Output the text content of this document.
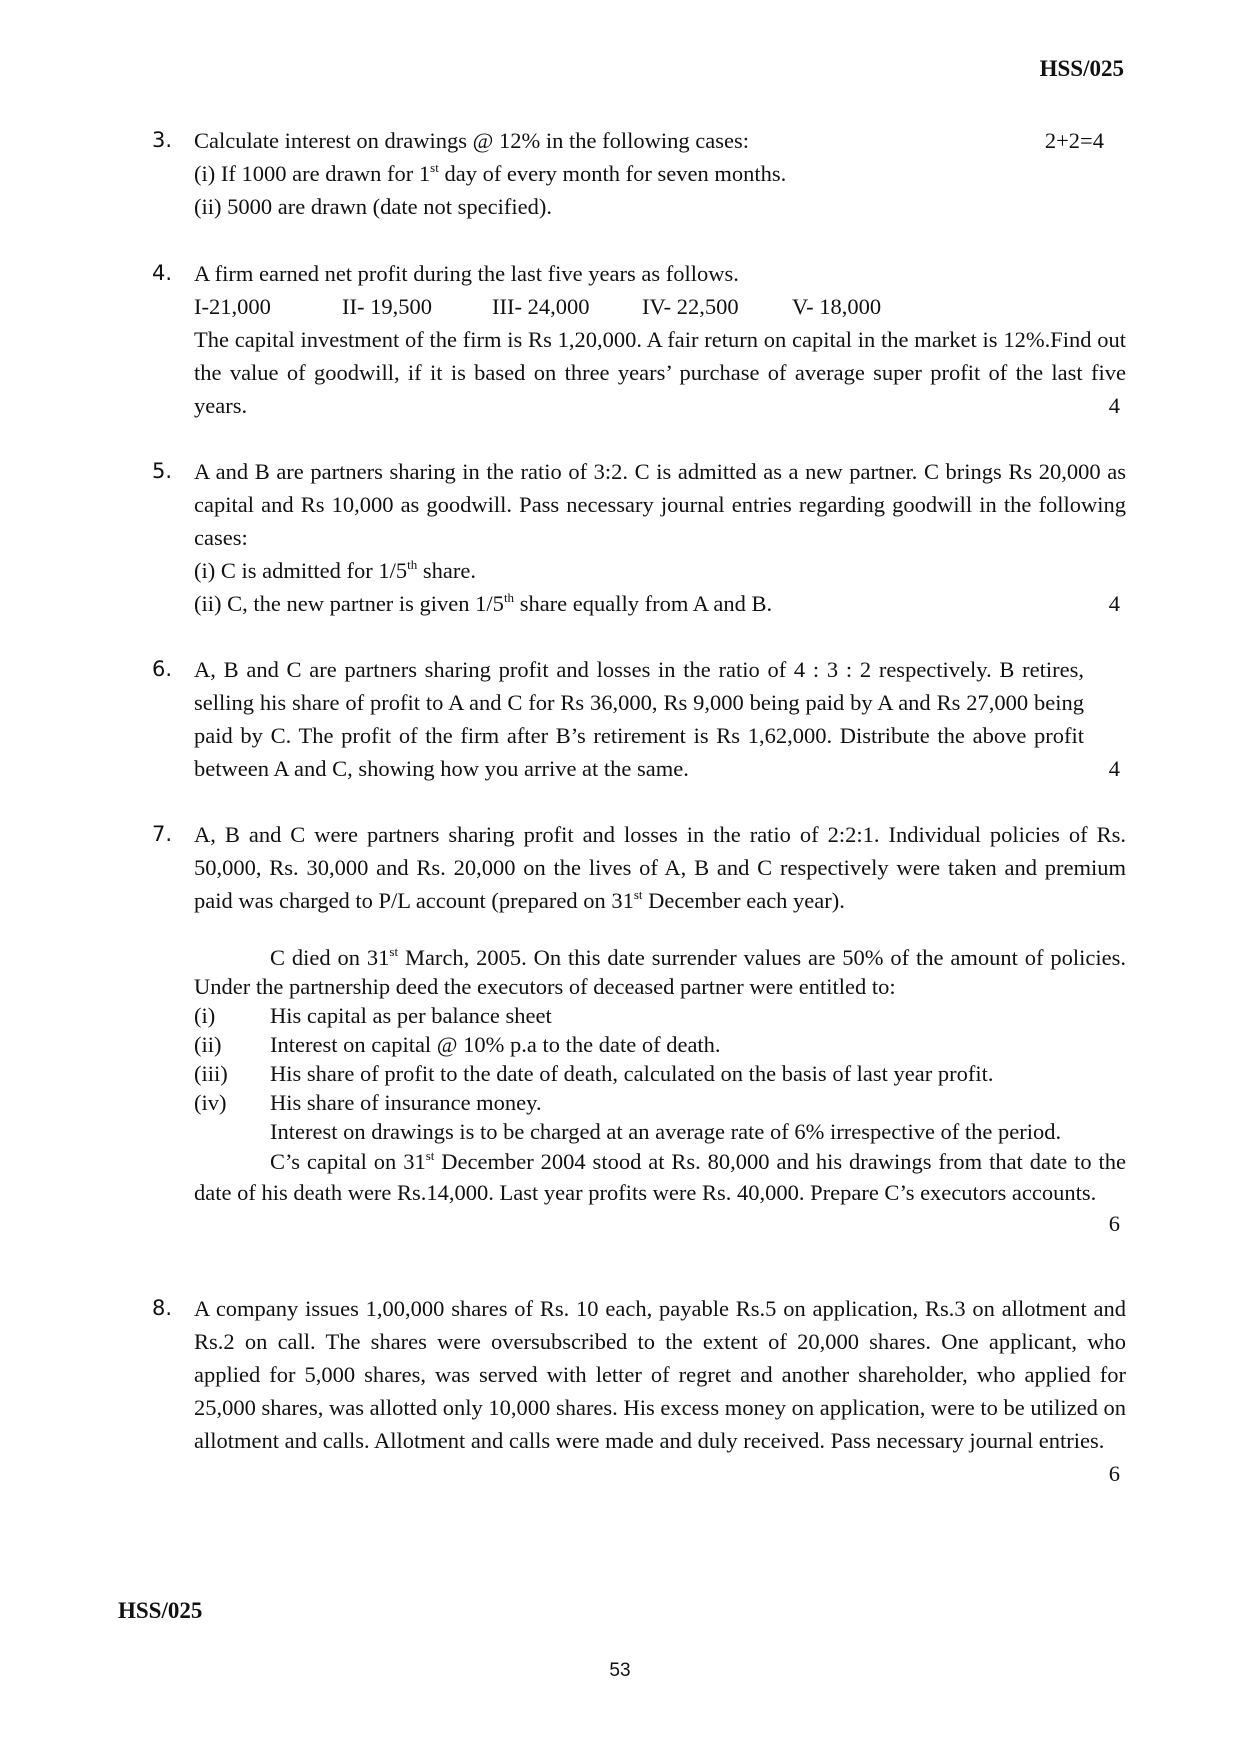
HSS/025
3. Calculate interest on drawings @ 12% in the following cases:	2+2=4
(i) If 1000 are drawn for 1st day of every month for seven months.
(ii) 5000 are drawn (date not specified).
4. A firm earned net profit during the last five years as follows.
I-21,000	II- 19,500	III- 24,000 IV- 22,500 V- 18,000
The capital investment of the firm is Rs 1,20,000. A fair return on capital in the market is 12%.Find out the value of goodwill, if it is based on three years’ purchase of average super profit of the last five years.	4
5. A and B are partners sharing in the ratio of 3:2. C is admitted as a new partner. C brings Rs 20,000 as capital and Rs 10,000 as goodwill. Pass necessary journal entries regarding goodwill in the following cases:
(i) C is admitted for 1/5th share.
(ii) C, the new partner is given 1/5th share equally from A and B.	4
6. A, B and C are partners sharing profit and losses in the ratio of 4 : 3 : 2 respectively. B retires, selling his share of profit to A and C for Rs 36,000, Rs 9,000 being paid by A and Rs 27,000 being paid by C. The profit of the firm after B’s retirement is Rs 1,62,000. Distribute the above profit between A and C, showing how you arrive at the same.	4
7. A, B and C were partners sharing profit and losses in the ratio of 2:2:1. Individual policies of Rs. 50,000, Rs. 30,000 and Rs. 20,000 on the lives of A, B and C respectively were taken and premium paid was charged to P/L account (prepared on 31st December each year).
C died on 31st March, 2005. On this date surrender values are 50% of the amount of policies. Under the partnership deed the executors of deceased partner were entitled to:
(i) His capital as per balance sheet
(ii) Interest on capital @ 10% p.a to the date of death.
(iii) His share of profit to the date of death, calculated on the basis of last year profit.
(iv) His share of insurance money.
Interest on drawings is to be charged at an average rate of 6% irrespective of the period.
C’s capital on 31st December 2004 stood at Rs. 80,000 and his drawings from that date to the date of his death were Rs.14,000. Last year profits were Rs. 40,000. Prepare C’s executors accounts.
6
8. A company issues 1,00,000 shares of Rs. 10 each, payable Rs.5 on application, Rs.3 on allotment and Rs.2 on call. The shares were oversubscribed to the extent of 20,000 shares. One applicant, who applied for 5,000 shares, was served with letter of regret and another shareholder, who applied for 25,000 shares, was allotted only 10,000 shares. His excess money on application, were to be utilized on allotment and calls. Allotment and calls were made and duly received. Pass necessary journal entries.
6
HSS/025
53
